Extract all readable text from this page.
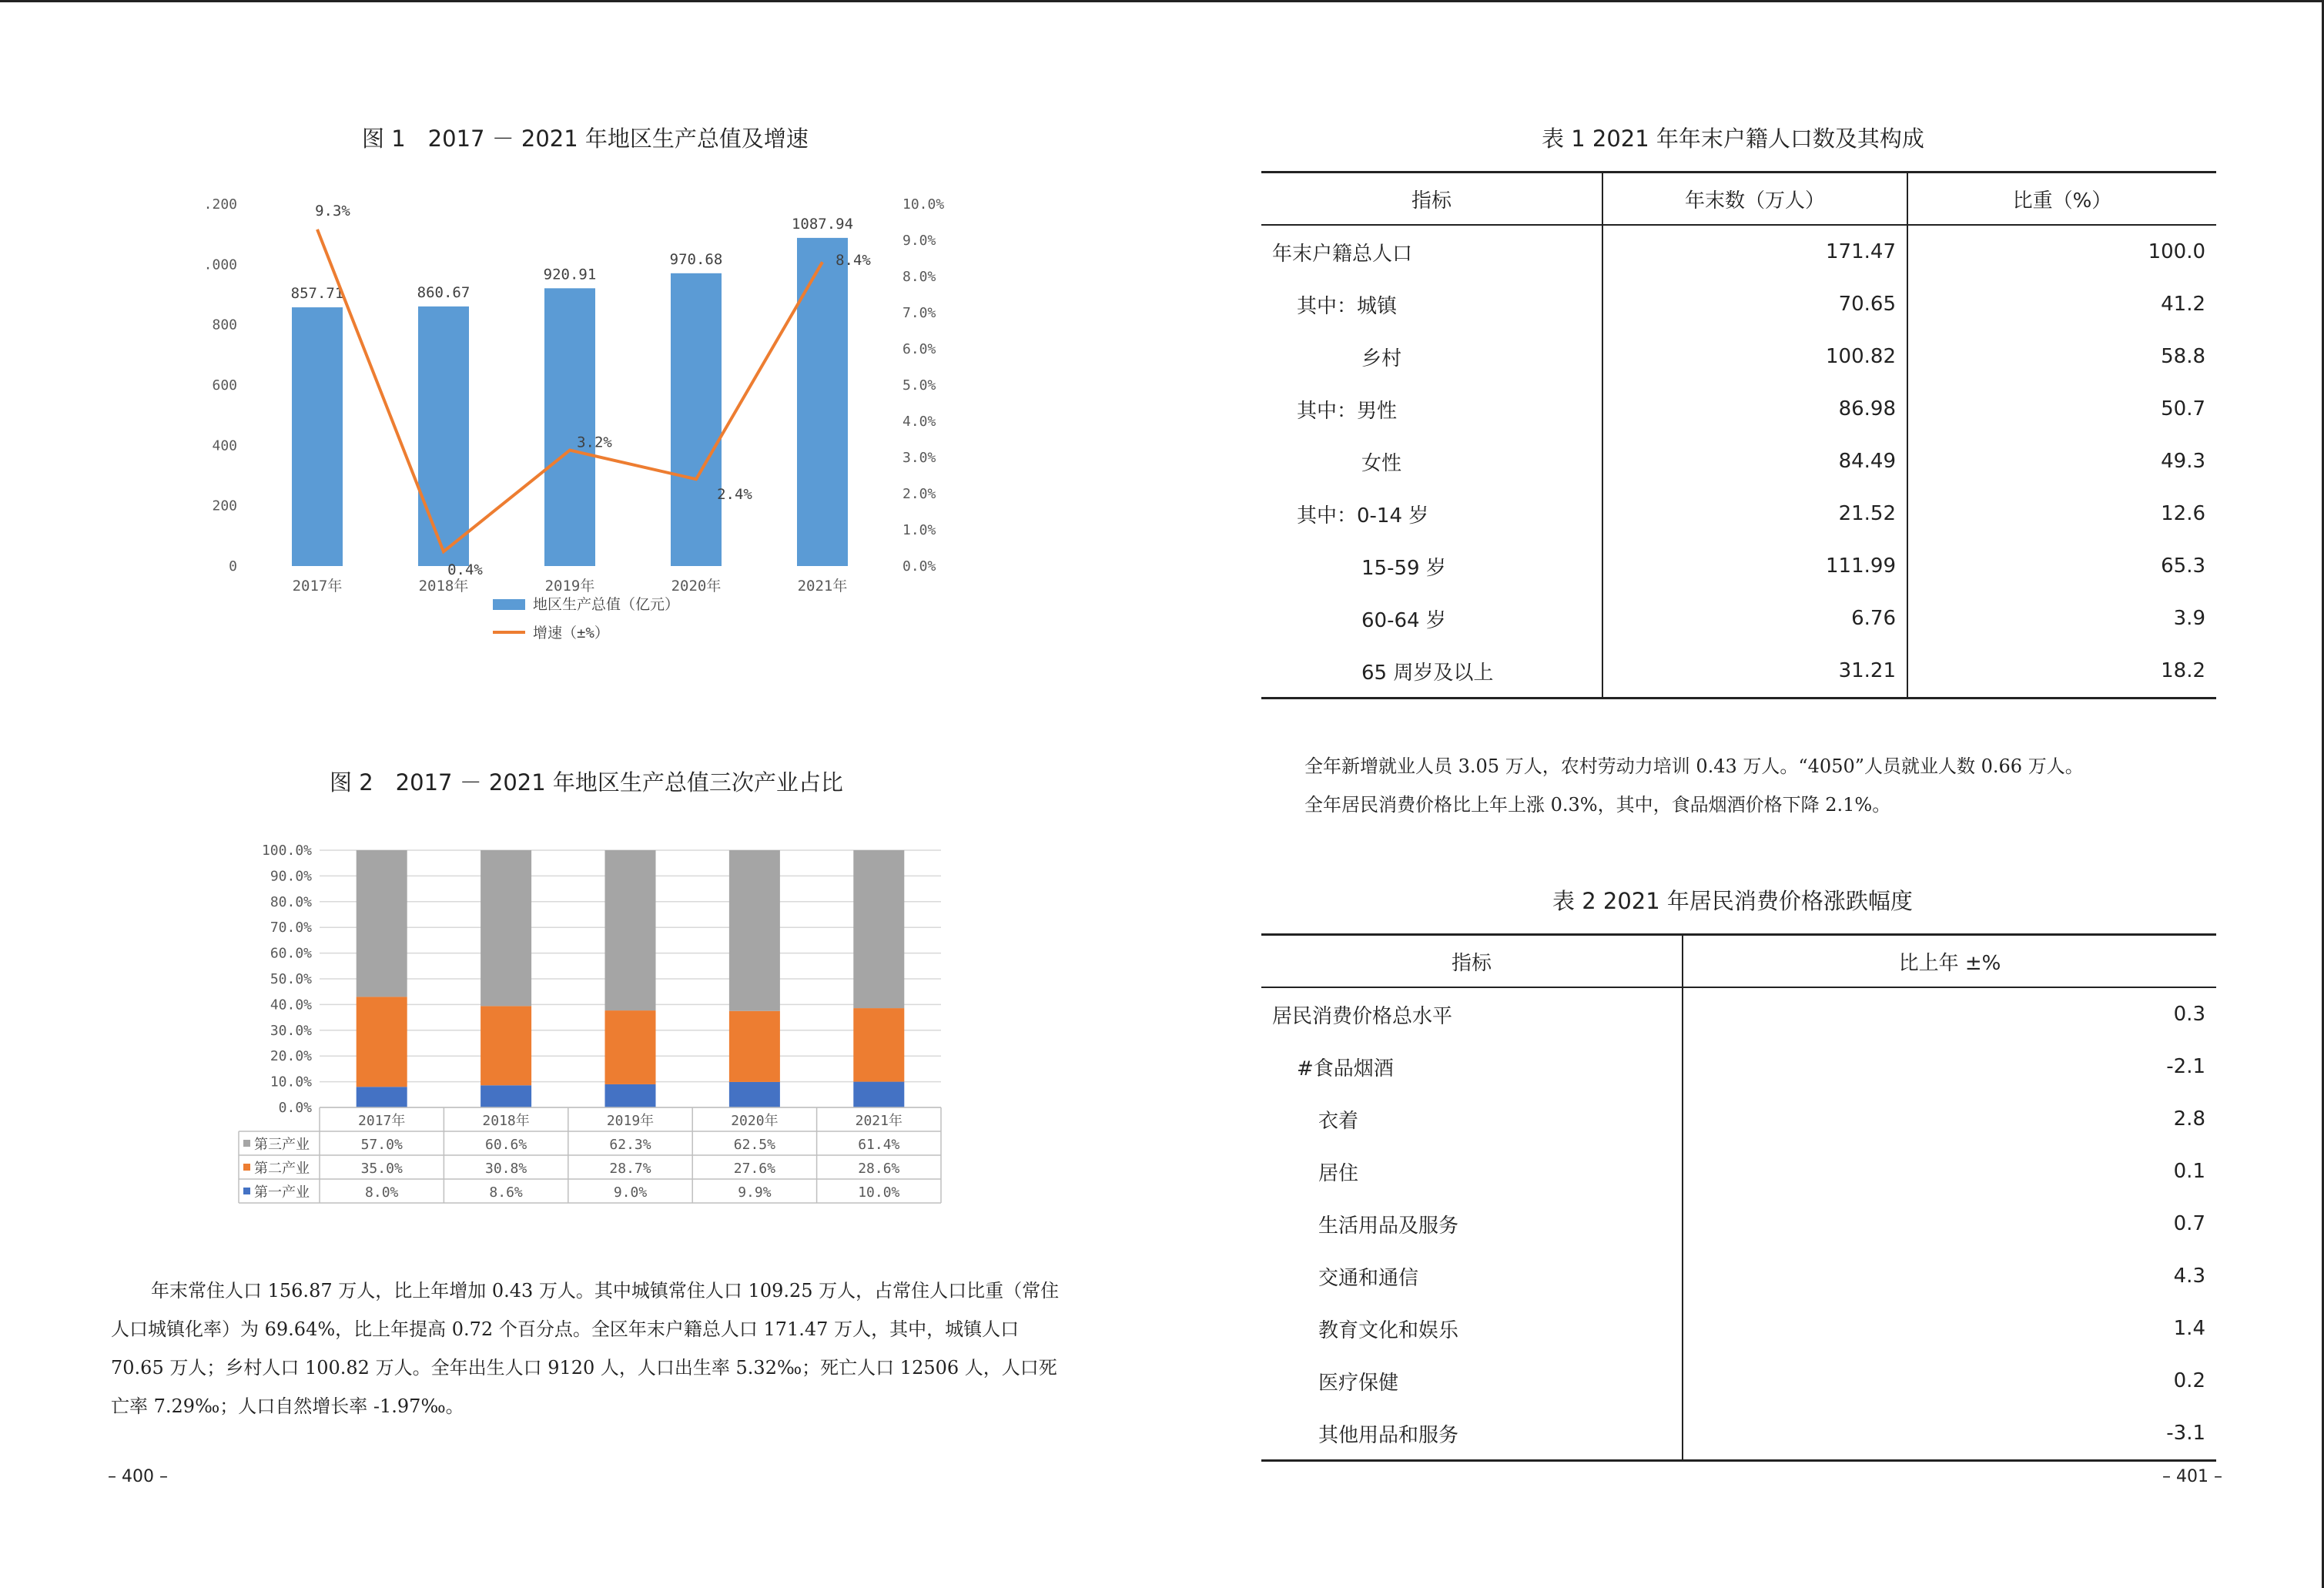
图 1　2017 － 2021 年地区生产总值及增速
.200
.000
800
600
400
200
0
10.0%
9.0%
8.0%
7.0%
6.0%
5.0%
4.0%
3.0%
2.0%
1.0%
0.0%
857.71
2017年
860.67
2018年
920.91
2019年
970.68
2020年
1087.94
2021年
9.3%
0.4%
3.2%
2.4%
8.4%
地区生产总值（亿元）
增速（±%）
图 2　2017 － 2021 年地区生产总值三次产业占比
100.0%
90.0%
80.0%
70.0%
60.0%
50.0%
40.0%
30.0%
20.0%
10.0%
0.0%
2017年	2018年	2019年	2020年	2021年
第三产业	57.0%	60.6%	62.3%	62.5%	61.4%
第二产业	35.0%	30.8%	28.7%	27.6%	28.6%
第一产业	8.0%	8.6%	9.0%	9.9%	10.0%

年末常住人口 156.87 万人，比上年增加 0.43 万人。其中城镇常住人口 109.25 万人，占常住人口比重（常住人口城镇化率）为 69.64%，比上年提高 0.72 个百分点。全区年末户籍总人口 171.47 万人，其中，城镇人口 70.65 万人；乡村人口 100.82 万人。全年出生人口 9120 人，人口出生率 5.32‰；死亡人口 12506 人，人口死亡率 7.29‰；人口自然增长率 -1.97‰。

– 400 –
表 1 2021 年年末户籍人口数及其构成
指标	年末数（万人）	比重（%）
年末户籍总人口	171.47	100.0
其中：城镇	70.65	41.2
乡村	100.82	58.8
其中：男性	86.98	50.7
女性	84.49	49.3
其中：0-14 岁	21.52	12.6
15-59 岁	111.99	65.3
60-64 岁	6.76	3.9
65 周岁及以上	31.21	18.2

全年新增就业人员 3.05 万人，农村劳动力培训 0.43 万人。“4050”人员就业人数 0.66 万人。

全年居民消费价格比上年上涨 0.3%，其中，食品烟酒价格下降 2.1%。

表 2 2021 年居民消费价格涨跌幅度
指标	比上年 ±%
居民消费价格总水平	0.3
#食品烟酒	-2.1
衣着	2.8
居住	0.1
生活用品及服务	0.7
交通和通信	4.3
教育文化和娱乐	1.4
医疗保健	0.2
其他用品和服务	-3.1
– 401 –
